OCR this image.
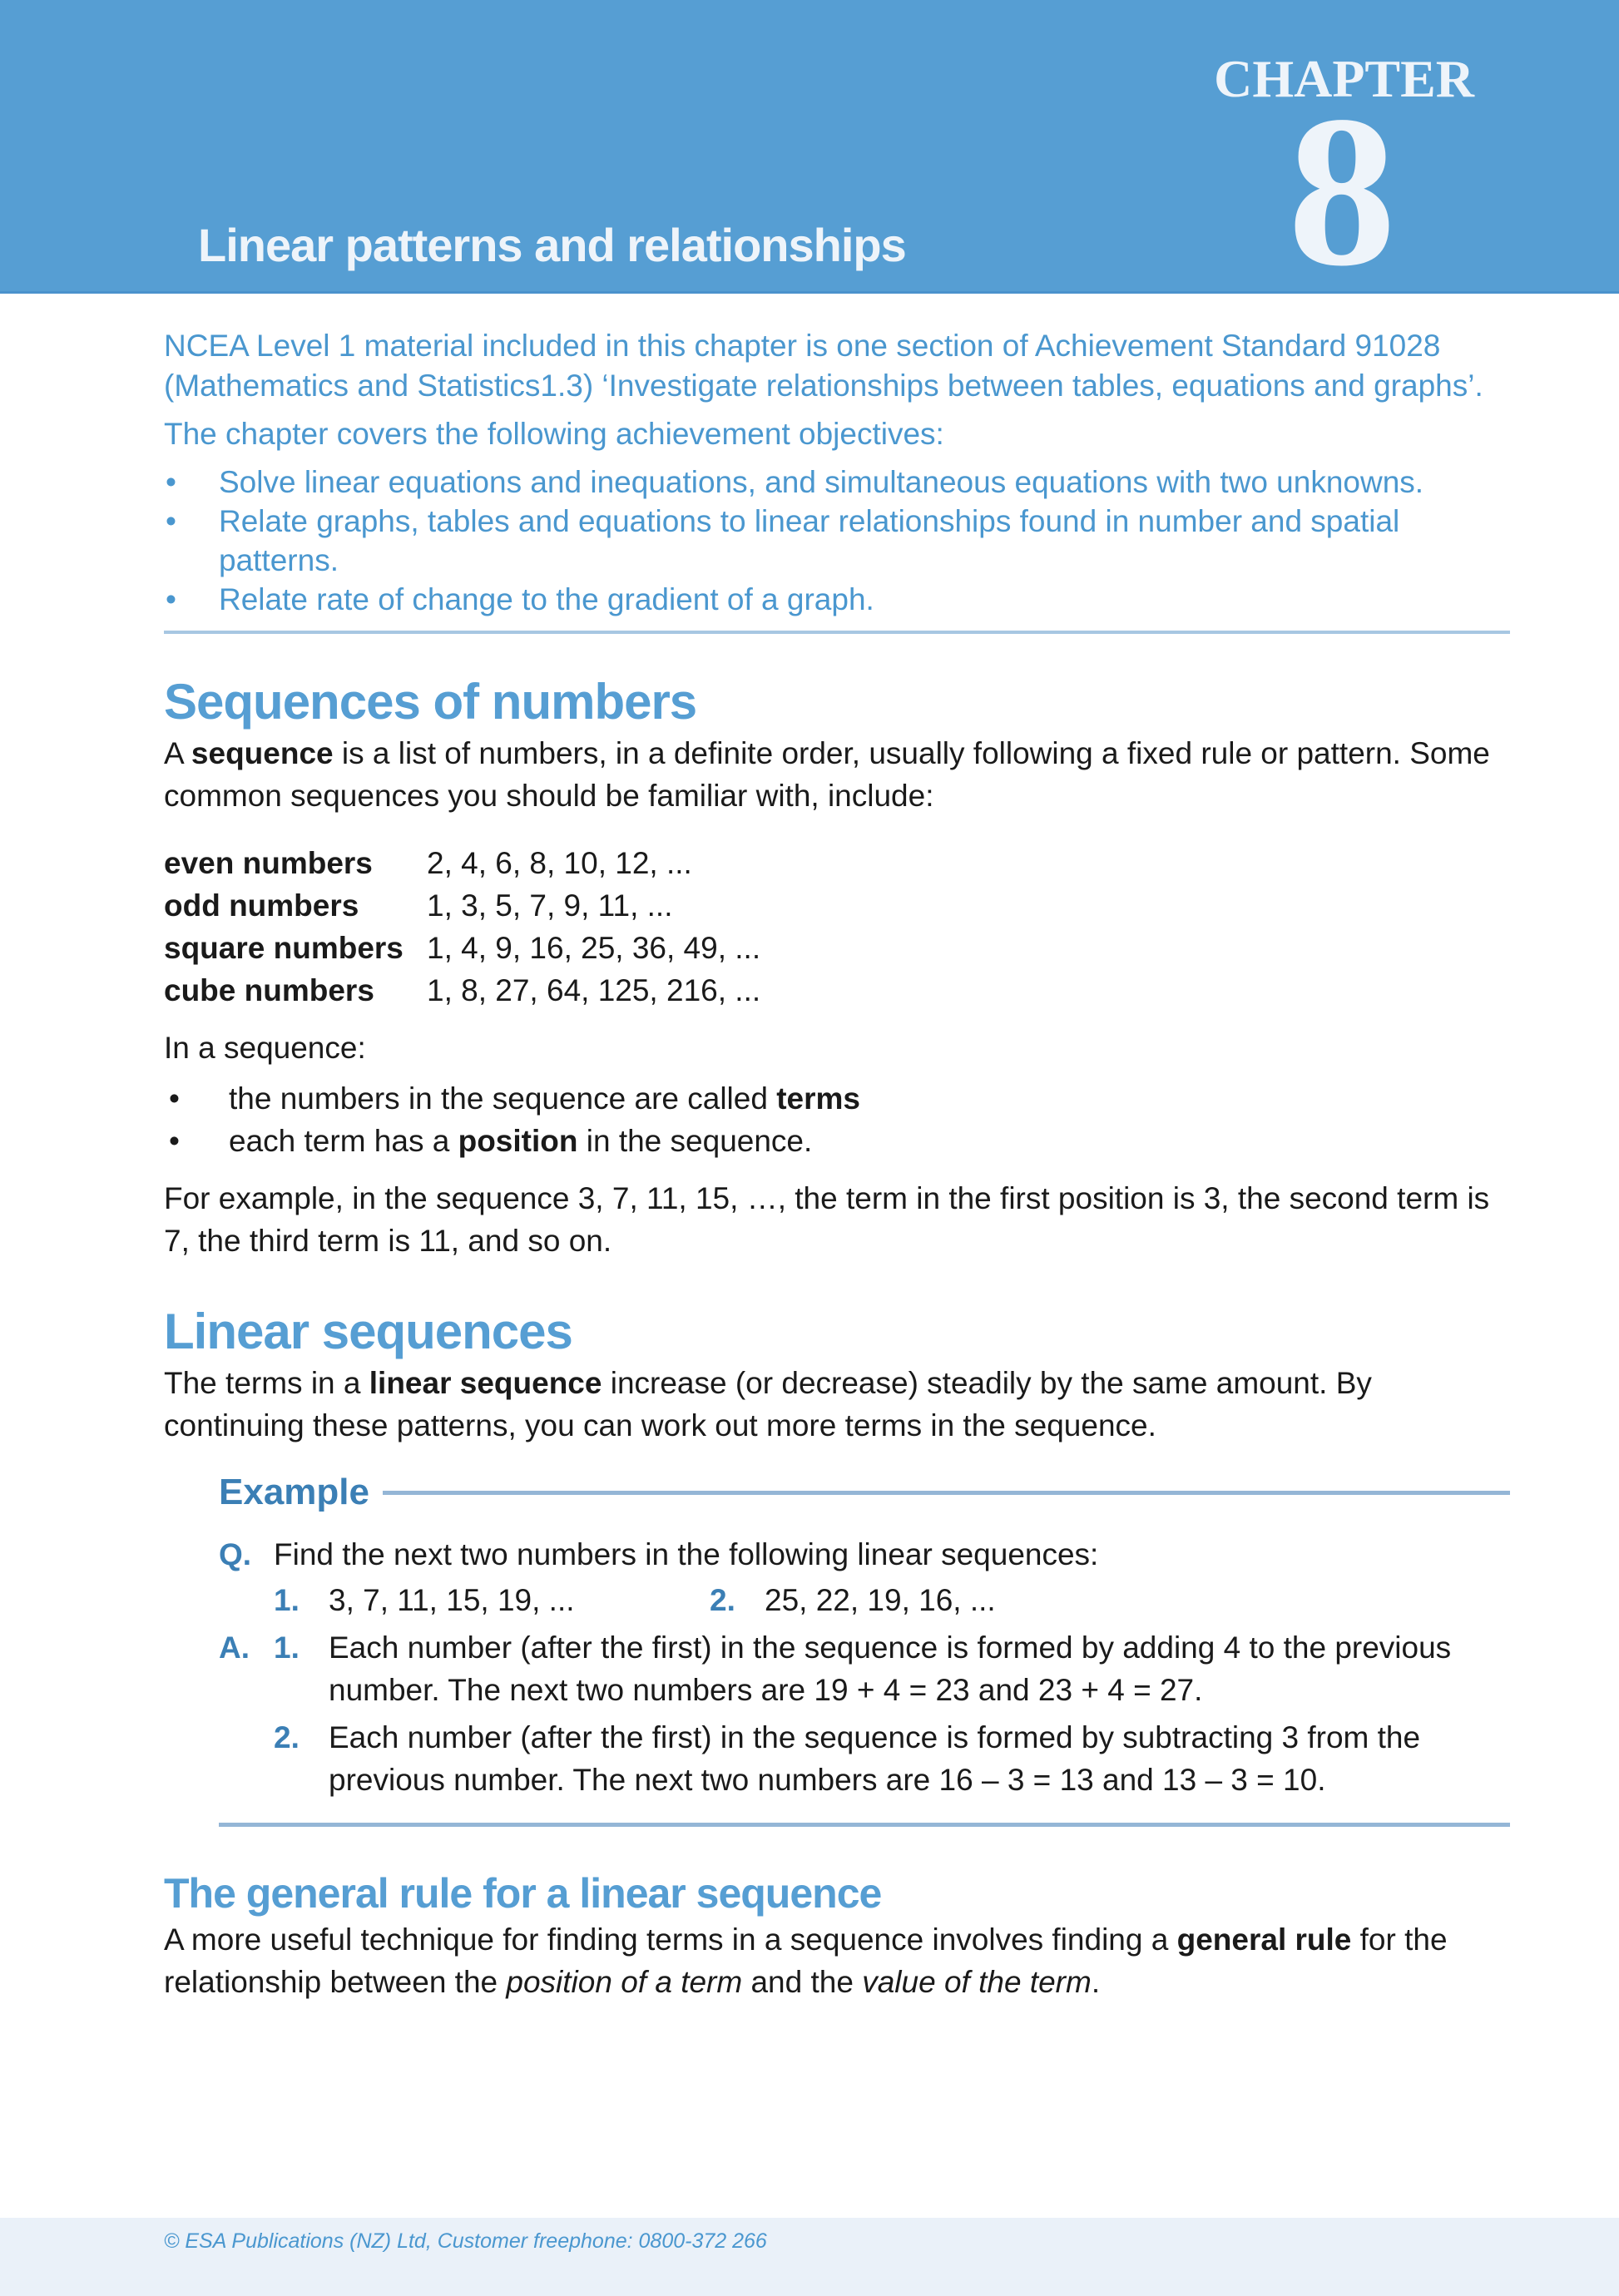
Linear patterns and relationships
CHAPTER
8

NCEA Level 1 material included in this chapter is one section of Achievement Standard 91028 (Mathematics and Statistics1.3) ‘Investigate relationships between tables, equations and graphs’.

The chapter covers the following achievement objectives:

• Solve linear equations and inequations, and simultaneous equations with two unknowns.
• Relate graphs, tables and equations to linear relationships found in number and spatial patterns.
• Relate rate of change to the gradient of a graph.
Sequences of numbers

A sequence is a list of numbers, in a definite order, usually following a fixed rule or pattern. Some common sequences you should be familiar with, include:

even numbers	2, 4, 6, 8, 10, 12, ...
odd numbers	1, 3, 5, 7, 9, 11, ...
square numbers 1, 4, 9, 16, 25, 36, 49, ...
cube numbers	1, 8, 27, 64, 125, 216, ...

In a sequence:

• the numbers in the sequence are called terms
• each term has a position in the sequence.

For example, in the sequence 3, 7, 11, 15, …, the term in the first position is 3, the second term is 7, the third term is 11, and so on.

Linear sequences

The terms in a linear sequence increase (or decrease) steadily by the same amount. By continuing these patterns, you can work out more terms in the sequence.

Example
Q. Find the next two numbers in the following linear sequences:
1. 3, 7, 11, 15, 19, ...	2. 25, 22, 19, 16, ...
A. 1. Each number (after the first) in the sequence is formed by adding 4 to the previous number. The next two numbers are 19 + 4 = 23 and 23 + 4 = 27.
2. Each number (after the first) in the sequence is formed by subtracting 3 from the previous number. The next two numbers are 16 – 3 = 13 and 13 – 3 = 10.
The general rule for a linear sequence

A more useful technique for finding terms in a sequence involves finding a general rule for the relationship between the position of a term and the value of the term.

© ESA Publications (NZ) Ltd, Customer freephone: 0800-372 266
